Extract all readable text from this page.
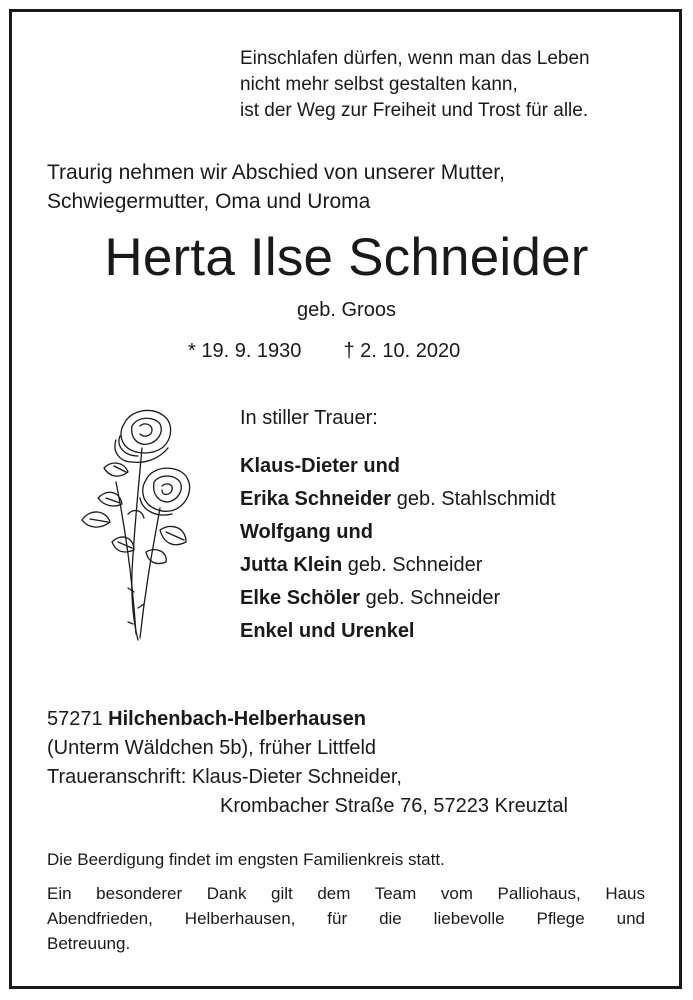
Einschlafen dürfen, wenn man das Leben
nicht mehr selbst gestalten kann,
ist der Weg zur Freiheit und Trost für alle.
Traurig nehmen wir Abschied von unserer Mutter,
Schwiegermutter, Oma und Uroma
Herta Ilse Schneider
geb. Groos
* 19. 9. 1930 † 2. 10. 2020
In stiller Trauer:
Klaus-Dieter und
Erika Schneider geb. Stahlschmidt
Wolfgang und
Jutta Klein geb. Schneider
Elke Schöler geb. Schneider
Enkel und Urenkel
57271 Hilchenbach-Helberhausen
(Unterm Wäldchen 5b), früher Littfeld
Traueranschrift: Klaus-Dieter Schneider,
Krombacher Straße 76, 57223 Kreuztal
Die Beerdigung findet im engsten Familienkreis statt.
Ein besonderer Dank gilt dem Team vom Palliohaus, Haus
Abendfrieden, Helberhausen, für die liebevolle Pflege und
Betreuung.
